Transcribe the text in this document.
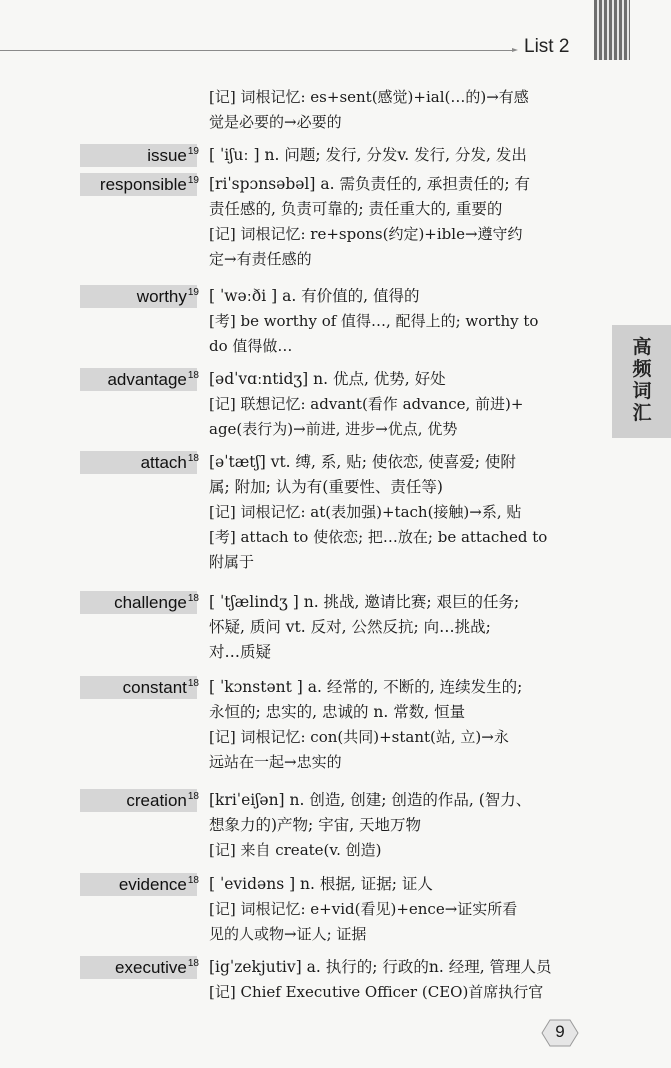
List 2
高频词汇

[记] 词根记忆: es+sent(感觉)+ial(…的)→有感

觉是必要的→必要的

issue$^{19}$ [ ˈiʃuː ] n. 问题; 发行, 分发v. 发行, 分发, 发出

responsible$^{19}$ [riˈspɔnsəbəl] a. 需负责任的, 承担责任的; 有

责任感的, 负责可靠的; 责任重大的, 重要的

[记] 词根记忆: re+spons(约定)+ible→遵守约

定→有责任感的

worthy$^{19}$ [ ˈwəːði ] a. 有价值的, 值得的

[考] be worthy of 值得…, 配得上的; worthy to

do 值得做…

advantage$^{18}$ [ədˈvɑːntidʒ] n. 优点, 优势, 好处

[记] 联想记忆: advant(看作 advance, 前进)+

age(表行为)→前进, 进步→优点, 优势

attach$^{18}$ [əˈtætʃ] vt. 缚, 系, 贴; 使依恋, 使喜爱; 使附

属; 附加; 认为有(重要性、责任等)

[记] 词根记忆: at(表加强)+tach(接触)→系, 贴

[考] attach to 使依恋; 把…放在; be attached to

附属于

challenge$^{18}$ [ ˈtʃælindʒ ] n. 挑战, 邀请比赛; 艰巨的任务;

怀疑, 质问 vt. 反对, 公然反抗; 向…挑战;

对…质疑

constant$^{18}$ [ ˈkɔnstənt ] a. 经常的, 不断的, 连续发生的;

永恒的; 忠实的, 忠诚的 n. 常数, 恒量

[记] 词根记忆: con(共同)+stant(站, 立)→永

远站在一起→忠实的

creation$^{18}$ [kriˈeiʃən] n. 创造, 创建; 创造的作品, (智力、

想象力的)产物; 宇宙, 天地万物

[记] 来自 create(v. 创造)

evidence$^{18}$ [ ˈevidəns ] n. 根据, 证据; 证人

[记] 词根记忆: e+vid(看见)+ence→证实所看

见的人或物→证人; 证据

executive$^{18}$ [igˈzekjutiv] a. 执行的; 行政的n. 经理, 管理人员

[记] Chief Executive Officer (CEO)首席执行官

9
